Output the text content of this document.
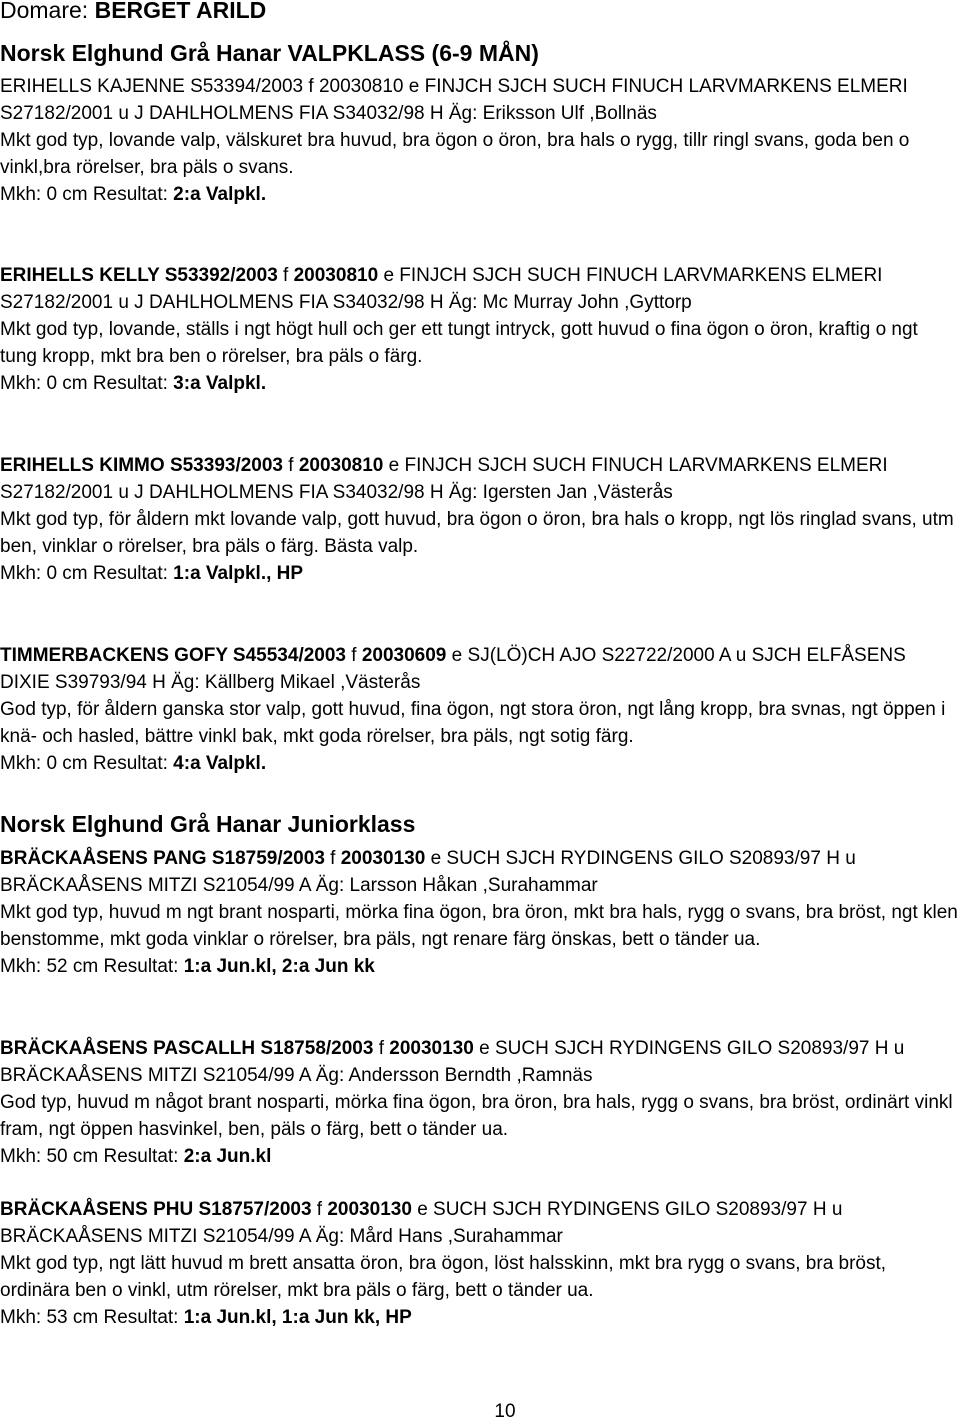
Domare: BERGET ARILD
Norsk Elghund Grå Hanar VALPKLASS (6-9 MÅN)
ERIHELLS KAJENNE S53394/2003 f 20030810 e FINJCH SJCH SUCH FINUCH LARVMARKENS ELMERI S27182/2001 u J DAHLHOLMENS FIA S34032/98 H Äg: Eriksson Ulf ,Bollnäs
Mkt god typ, lovande valp, välskuret bra huvud, bra ögon o öron, bra hals o rygg, tillr ringl svans, goda ben o vinkl,bra rörelser, bra päls o svans.
Mkh: 0 cm Resultat: 2:a Valpkl.
ERIHELLS KELLY S53392/2003 f 20030810 e FINJCH SJCH SUCH FINUCH LARVMARKENS ELMERI S27182/2001 u J DAHLHOLMENS FIA S34032/98 H Äg: Mc Murray John ,Gyttorp
Mkt god typ, lovande, ställs i ngt högt hull och ger ett tungt intryck, gott huvud o fina ögon o öron, kraftig o ngt tung kropp, mkt bra ben o rörelser, bra päls o färg.
Mkh: 0 cm Resultat: 3:a Valpkl.
ERIHELLS KIMMO S53393/2003 f 20030810 e FINJCH SJCH SUCH FINUCH LARVMARKENS ELMERI S27182/2001 u J DAHLHOLMENS FIA S34032/98 H Äg: Igersten Jan ,Västerås
Mkt god typ, för åldern mkt lovande valp, gott huvud, bra ögon o öron, bra hals o kropp, ngt lös ringlad svans, utm ben, vinklar o rörelser, bra päls o färg. Bästa valp.
Mkh: 0 cm Resultat: 1:a Valpkl., HP
TIMMERBACKENS GOFY S45534/2003 f 20030609 e SJ(LÖ)CH AJO S22722/2000 A u SJCH ELFÅSENS DIXIE S39793/94 H Äg: Källberg Mikael ,Västerås
God typ, för åldern ganska stor valp, gott huvud, fina ögon, ngt stora öron, ngt lång kropp, bra svnas, ngt öppen i knä- och hasled, bättre vinkl bak, mkt goda rörelser, bra päls, ngt sotig färg.
Mkh: 0 cm Resultat: 4:a Valpkl.
Norsk Elghund Grå Hanar Juniorklass
BRÄCKAÅSENS PANG S18759/2003 f 20030130 e SUCH SJCH RYDINGENS GILO S20893/97 H u BRÄCKAÅSENS MITZI S21054/99 A Äg: Larsson Håkan ,Surahammar
Mkt god typ, huvud m ngt brant nosparti, mörka fina ögon, bra öron, mkt bra hals, rygg o svans, bra bröst, ngt klen benstomme, mkt goda vinklar o rörelser, bra päls, ngt renare färg önskas, bett o tänder ua.
Mkh: 52 cm Resultat: 1:a Jun.kl, 2:a Jun kk
BRÄCKAÅSENS PASCALLH S18758/2003 f 20030130 e SUCH SJCH RYDINGENS GILO S20893/97 H u BRÄCKAÅSENS MITZI S21054/99 A Äg: Andersson Berndth ,Ramnäs
God typ, huvud m något brant nosparti, mörka fina ögon, bra öron, bra hals, rygg o svans, bra bröst, ordinärt vinkl fram, ngt öppen hasvinkel, ben, päls o färg, bett o tänder ua.
Mkh: 50 cm Resultat: 2:a Jun.kl
BRÄCKAÅSENS PHU S18757/2003 f 20030130 e SUCH SJCH RYDINGENS GILO S20893/97 H u BRÄCKAÅSENS MITZI S21054/99 A Äg: Mård Hans ,Surahammar
Mkt god typ, ngt lätt huvud m brett ansatta öron, bra ögon, löst halsskinn, mkt bra rygg o svans, bra bröst, ordinära ben o vinkl, utm rörelser, mkt bra päls o färg, bett o tänder ua.
Mkh: 53 cm Resultat: 1:a Jun.kl, 1:a Jun kk, HP
10
